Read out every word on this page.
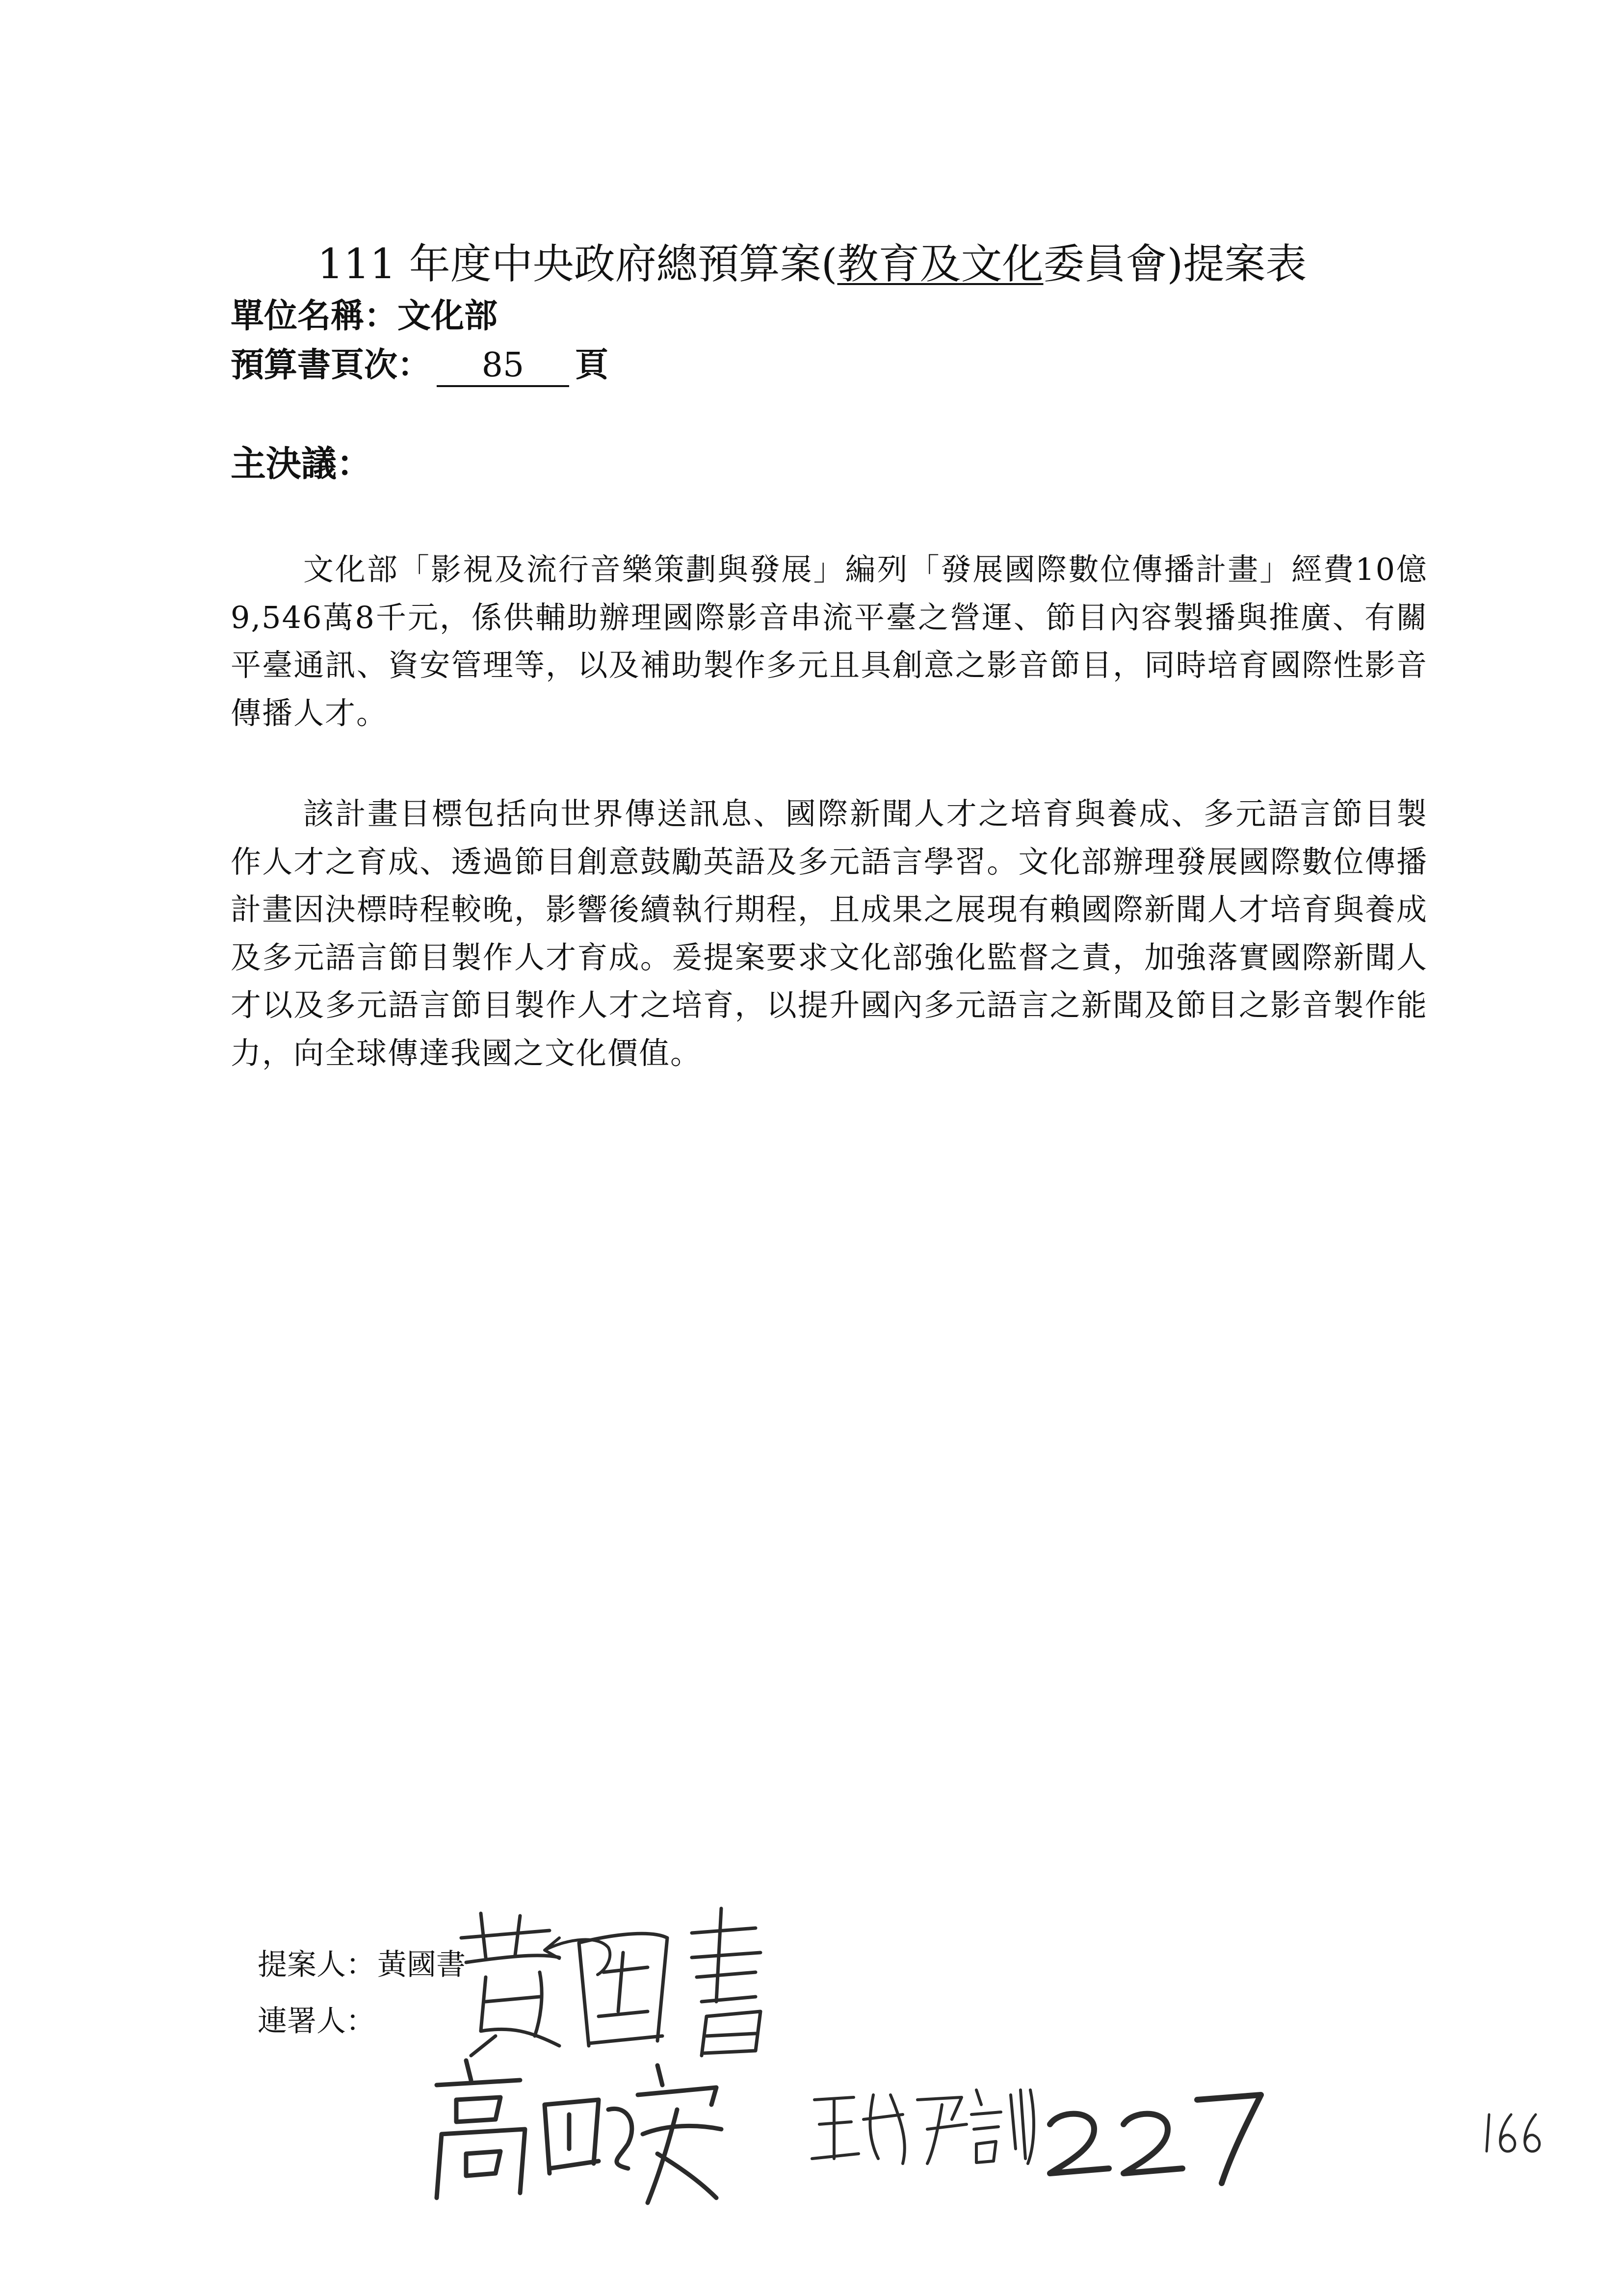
111 年度中央政府總預算案(教育及文化委員會)提案表
單位名稱：文化部
預算書頁次： 85 頁
主決議：
文化部「影視及流行音樂策劃與發展」編列「發展國際數位傳播計畫」經費10億9,546萬8千元，係供輔助辦理國際影音串流平臺之營運、節目內容製播與推廣、有關平臺通訊、資安管理等，以及補助製作多元且具創意之影音節目，同時培育國際性影音傳播人才。
該計畫目標包括向世界傳送訊息、國際新聞人才之培育與養成、多元語言節目製作人才之育成、透過節目創意鼓勵英語及多元語言學習。文化部辦理發展國際數位傳播計畫因決標時程較晚，影響後續執行期程，且成果之展現有賴國際新聞人才培育與養成及多元語言節目製作人才育成。爰提案要求文化部強化監督之責，加強落實國際新聞人才以及多元語言節目製作人才之培育，以提升國內多元語言之新聞及節目之影音製作能力，向全球傳達我國之文化價值。
提案人：黃國書
連署人：
